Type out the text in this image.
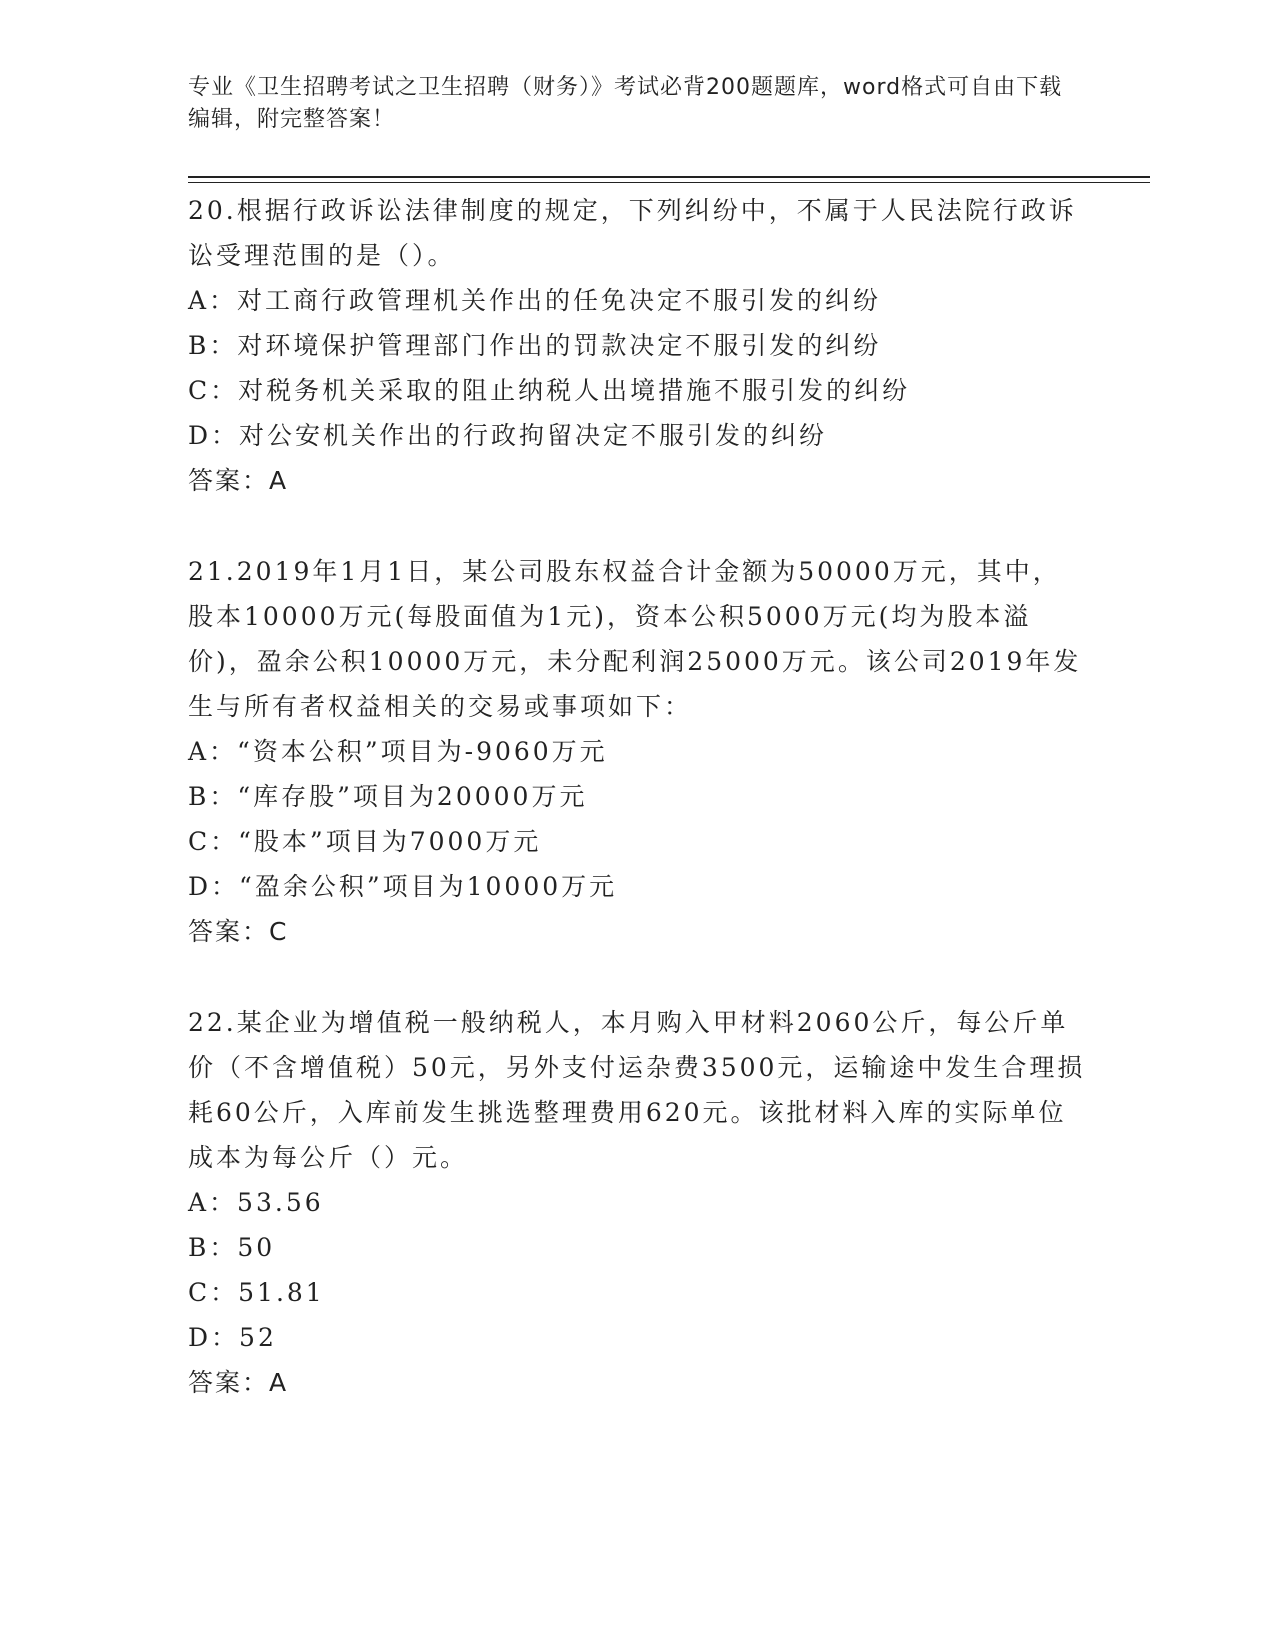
专业《卫生招聘考试之卫生招聘（财务）》考试必背200题题库，word格式可自由下载编辑，附完整答案！

20.根据行政诉讼法律制度的规定，下列纠纷中，不属于人民法院行政诉讼受理范围的是（）。

A：对工商行政管理机关作出的任免决定不服引发的纠纷

B：对环境保护管理部门作出的罚款决定不服引发的纠纷

C：对税务机关采取的阻止纳税人出境措施不服引发的纠纷

D：对公安机关作出的行政拘留决定不服引发的纠纷

答案：A

21.2019年1月1日，某公司股东权益合计金额为50000万元，其中，股本10000万元(每股面值为1元)，资本公积5000万元(均为股本溢价)，盈余公积10000万元，未分配利润25000万元。该公司2019年发生与所有者权益相关的交易或事项如下：

A：“资本公积”项目为-9060万元

B：“库存股”项目为20000万元

C：“股本”项目为7000万元

D：“盈余公积”项目为10000万元

答案：C

22.某企业为增值税一般纳税人，本月购入甲材料2060公斤，每公斤单价（不含增值税）50元，另外支付运杂费3500元，运输途中发生合理损耗60公斤，入库前发生挑选整理费用620元。该批材料入库的实际单位成本为每公斤（）元。

A：53.56

B：50

C：51.81

D：52

答案：A
